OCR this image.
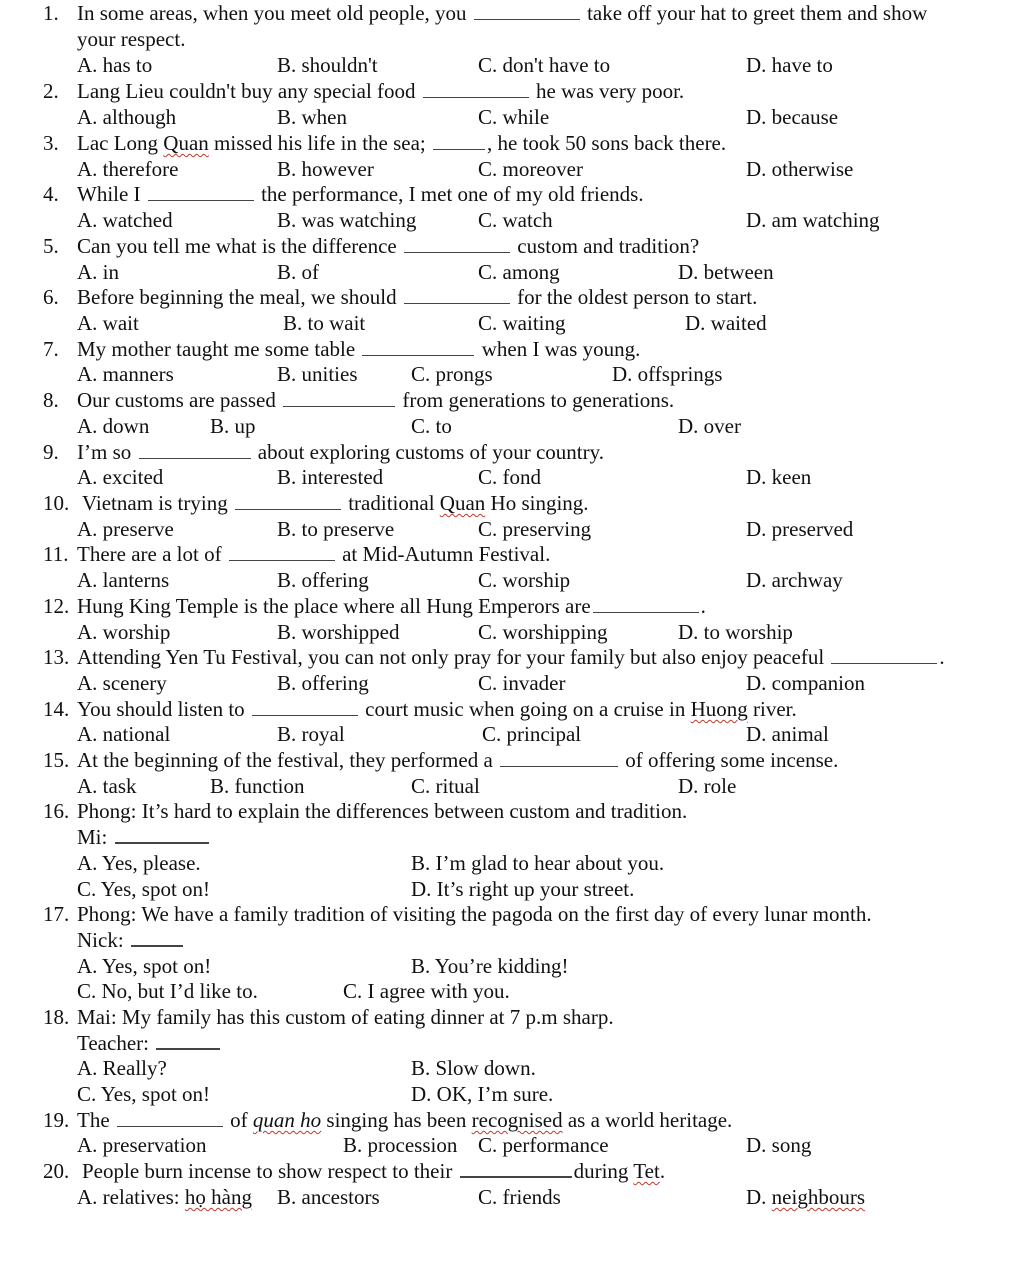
1. In some areas, when you meet old people, you	take off your hat to greet them and show
your respect.
A. has to	B. shouldn't	C. don't have to	D. have to
2. Lang Lieu couldn't buy any special food	he was very poor.
A. although	B. when	C. while	D. because
3. Lac Long Quan missed his life in the sea;	, he took 50 sons back there.
A. therefore	B. however	C. moreover	D. otherwise
4. While I	the performance, I met one of my old friends.
A. watched	B. was watching	C. watch	D. am watching
5. Can you tell me what is the difference	custom and tradition?
A. in	B. of	C. among	D. between
6. Before beginning the meal, we should	for the oldest person to start.
A. wait	B. to wait	C. waiting	D. waited
7. My mother taught me some table	when I was young.
A. manners	B. unities	C. prongs	D. offsprings
8. Our customs are passed	from generations to generations.
A. down	B. up	C. to	D. over
9. I’m so	about exploring customs of your country.
A. excited	B. interested	C. fond	D. keen
10. Vietnam is trying	traditional Quan Ho singing.
A. preserve	B. to preserve	C. preserving	D. preserved
11. There are a lot of	at Mid-Autumn Festival.
A. lanterns	B. offering	C. worship	D. archway
12. Hung King Temple is the place where all Hung Emperors are	.
A. worship	B. worshipped	C. worshipping	D. to worship
13. Attending Yen Tu Festival, you can not only pray for your family but also enjoy peaceful	.
A. scenery	B. offering	C. invader	D. companion
14. You should listen to	court music when going on a cruise in Huong river.
A. national	B. royal	C. principal	D. animal
15. At the beginning of the festival, they performed a	of offering some incense.
A. task	B. function	C. ritual	D. role
16. Phong: It’s hard to explain the differences between custom and tradition.
Mi:
A. Yes, please.	B. I’m glad to hear about you.
C. Yes, spot on!	D. It’s right up your street.
17. Phong: We have a family tradition of visiting the pagoda on the first day of every lunar month.
Nick:
A. Yes, spot on!	B. You’re kidding!
C. No, but I’d like to.	C. I agree with you.
18. Mai: My family has this custom of eating dinner at 7 p.m sharp.
Teacher:
A. Really?	B. Slow down.
C. Yes, spot on!	D. OK, I’m sure.
19. The	of quan ho singing has been recognised as a world heritage.
A. preservation	B. procession C. performance	D. song
20. People burn incense to show respect to their	during Tet.
A. relatives: họ hàng B. ancestors	C. friends	D. neighbours
